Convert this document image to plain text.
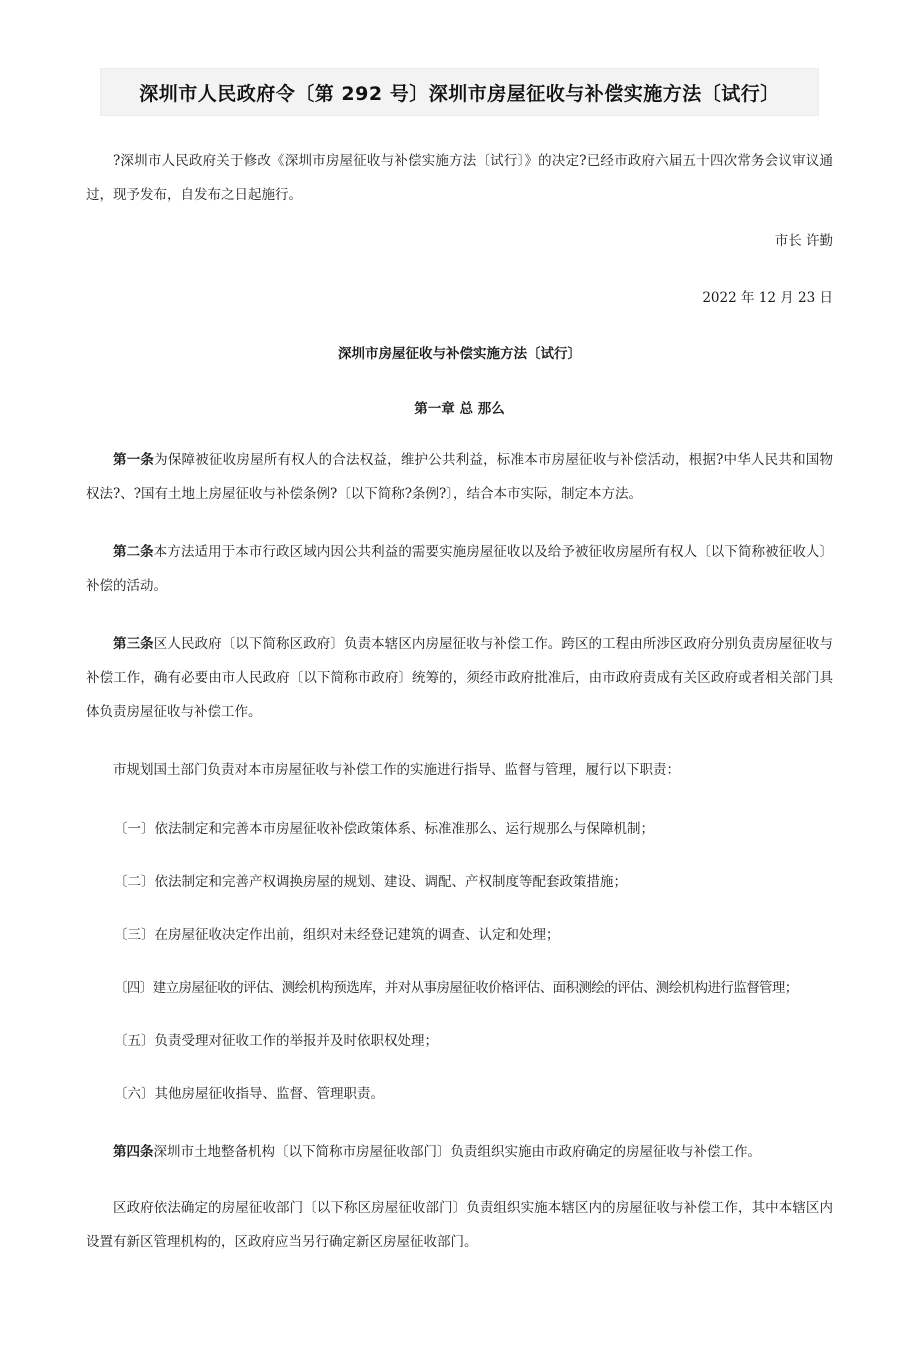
深圳市人民政府令〔第 292 号〕深圳市房屋征收与补偿实施方法〔试行〕

?深圳市人民政府关于修改《深圳市房屋征收与补偿实施方法〔试行〕》的决定?已经市政府六届五十四次常务会议审议通过，现予发布，自发布之日起施行。

市长 许勤

2022 年 12 月 23 日

深圳市房屋征收与补偿实施方法〔试行〕

第一章 总 那么

第一条为保障被征收房屋所有权人的合法权益，维护公共利益，标准本市房屋征收与补偿活动，根据?中华人民共和国物权法?、?国有土地上房屋征收与补偿条例?〔以下简称?条例?〕，结合本市实际，制定本方法。

第二条本方法适用于本市行政区域内因公共利益的需要实施房屋征收以及给予被征收房屋所有权人〔以下简称被征收人〕补偿的活动。

第三条区人民政府〔以下简称区政府〕负责本辖区内房屋征收与补偿工作。跨区的工程由所涉区政府分别负责房屋征收与补偿工作，确有必要由市人民政府〔以下简称市政府〕统筹的，须经市政府批准后，由市政府责成有关区政府或者相关部门具体负责房屋征收与补偿工作。

市规划国土部门负责对本市房屋征收与补偿工作的实施进行指导、监督与管理，履行以下职责：

〔一〕依法制定和完善本市房屋征收补偿政策体系、标准准那么、运行规那么与保障机制；

〔二〕依法制定和完善产权调换房屋的规划、建设、调配、产权制度等配套政策措施；

〔三〕在房屋征收决定作出前，组织对未经登记建筑的调查、认定和处理；

〔四〕建立房屋征收的评估、测绘机构预选库，并对从事房屋征收价格评估、面积测绘的评估、测绘机构进行监督管理；

〔五〕负责受理对征收工作的举报并及时依职权处理；

〔六〕其他房屋征收指导、监督、管理职责。

第四条深圳市土地整备机构〔以下简称市房屋征收部门〕负责组织实施由市政府确定的房屋征收与补偿工作。

区政府依法确定的房屋征收部门〔以下称区房屋征收部门〕负责组织实施本辖区内的房屋征收与补偿工作，其中本辖区内设置有新区管理机构的，区政府应当另行确定新区房屋征收部门。
